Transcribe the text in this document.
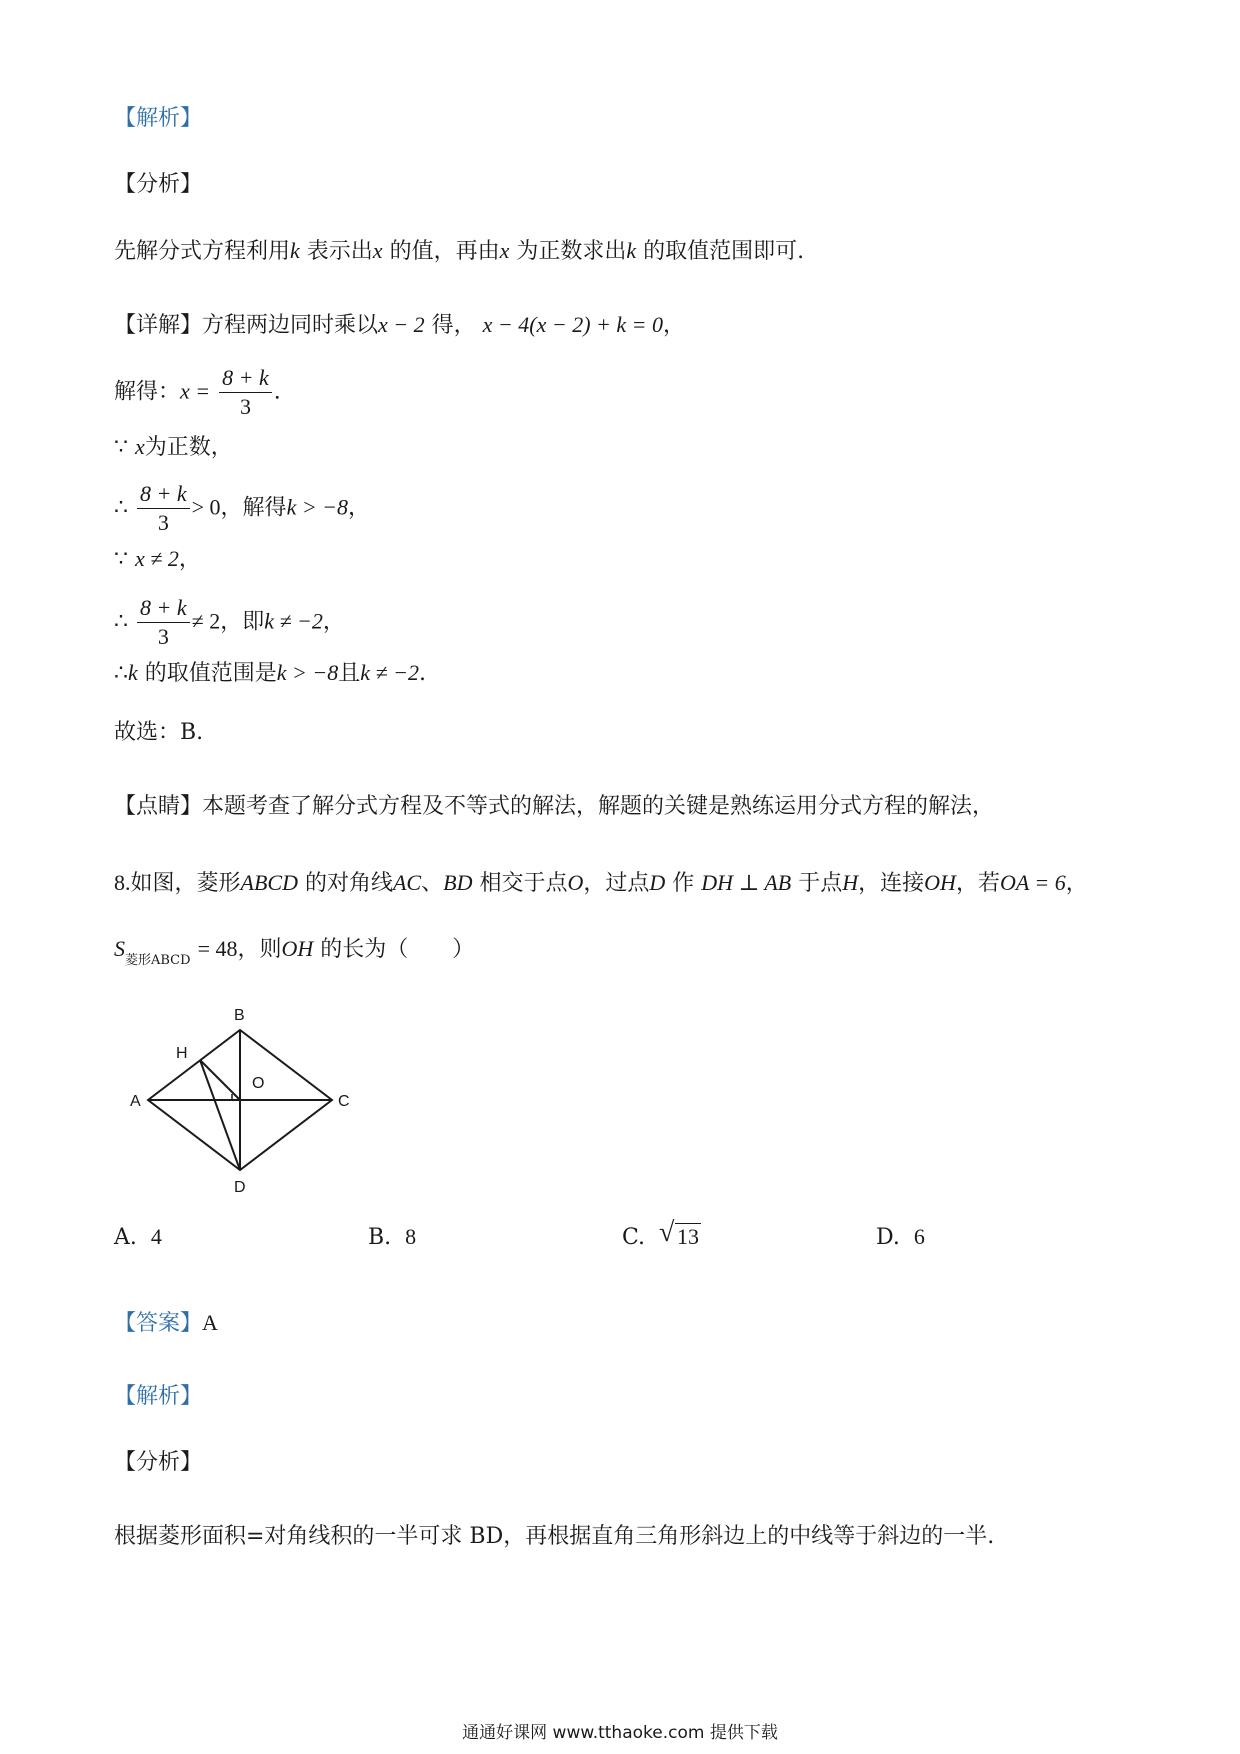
【解析】
【分析】
先解分式方程利用k 表示出x 的值，再由x 为正数求出k 的取值范围即可.
【详解】方程两边同时乘以x − 2 得， x − 4(x − 2) + k = 0，
解得：$x = \frac{8 + k}{3}$ .
∵ x为正数，
∴ $\frac{8 + k}{3} > 0$，解得k > −8，
∵ x ≠ 2，
∴ $\frac{8 + k}{3} \ne 2$，即k ≠ −2，
∴k 的取值范围是k > −8且k ≠ −2.
故选：B.
【点睛】本题考查了解分式方程及不等式的解法，解题的关键是熟练运用分式方程的解法，
8.如图，菱形ABCD 的对角线AC、BD 相交于点O，过点D 作 DH ⊥ AB 于点H，连接OH，若OA = 6，
$S_{菱形ABCD} = 48$，则OH 的长为（　　）
A
B
C
D
H
O
A. 4	B. 8	C. √ 13	D. 6
【答案】A
【解析】
【分析】
根据菱形面积=对角线积的一半可求 BD，再根据直角三角形斜边上的中线等于斜边的一半.
通通好课网 www.tthaoke.com 提供下载
